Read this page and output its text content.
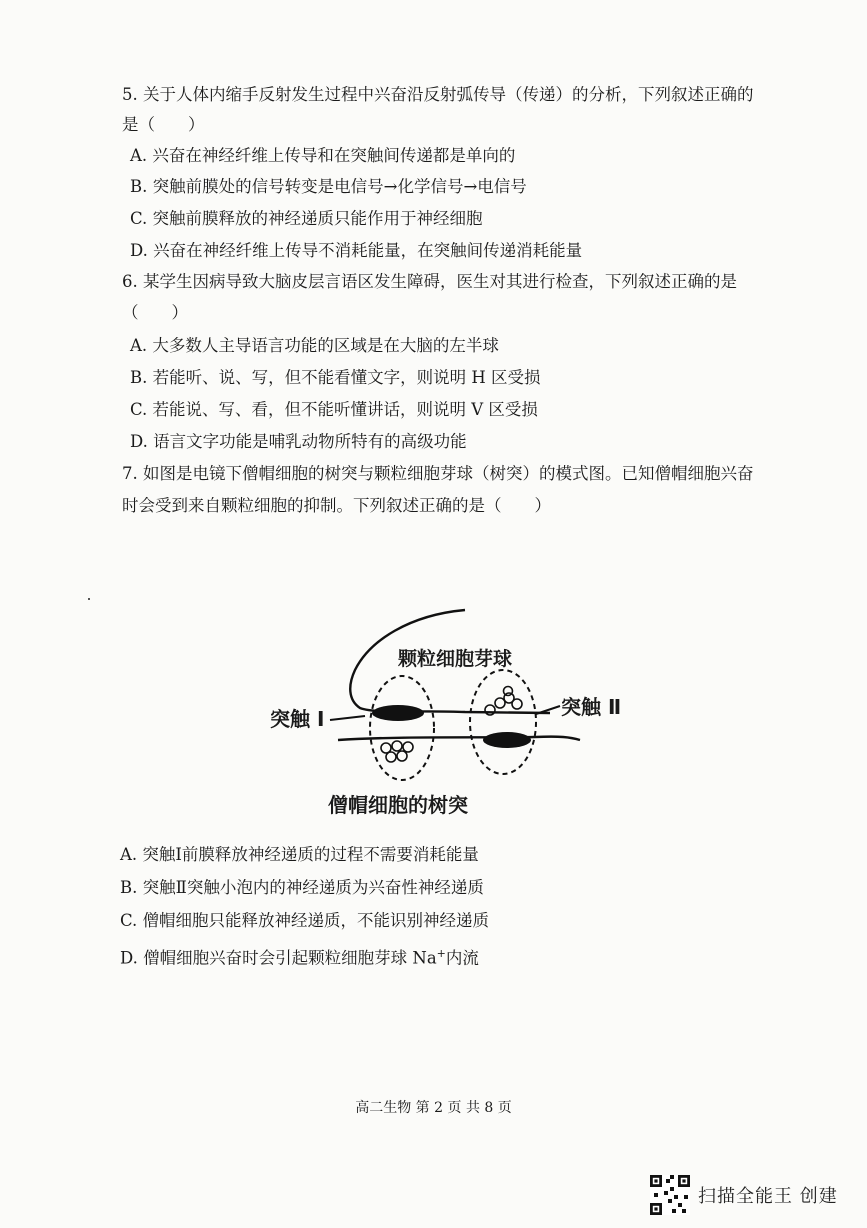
5. 关于人体内缩手反射发生过程中兴奋沿反射弧传导（传递）的分析，下列叙述正确的
是（　　）
A. 兴奋在神经纤维上传导和在突触间传递都是单向的
B. 突触前膜处的信号转变是电信号→化学信号→电信号
C. 突触前膜释放的神经递质只能作用于神经细胞
D. 兴奋在神经纤维上传导不消耗能量，在突触间传递消耗能量
6. 某学生因病导致大脑皮层言语区发生障碍，医生对其进行检查，下列叙述正确的是
（　　）
A. 大多数人主导语言功能的区域是在大脑的左半球
B. 若能听、说、写，但不能看懂文字，则说明 H 区受损
C. 若能说、写、看，但不能听懂讲话，则说明 V 区受损
D. 语言文字功能是哺乳动物所特有的高级功能
7. 如图是电镜下僧帽细胞的树突与颗粒细胞芽球（树突）的模式图。已知僧帽细胞兴奋
时会受到来自颗粒细胞的抑制。下列叙述正确的是（　　）
颗粒细胞芽球
突触 Ⅰ	突触 Ⅱ
僧帽细胞的树突
A. 突触Ⅰ前膜释放神经递质的过程不需要消耗能量
B. 突触Ⅱ突触小泡内的神经递质为兴奋性神经递质
C. 僧帽细胞只能释放神经递质，不能识别神经递质
D. 僧帽细胞兴奋时会引起颗粒细胞芽球 Na+内流
高二生物 第 2 页 共 8 页
扫描全能王 创建
